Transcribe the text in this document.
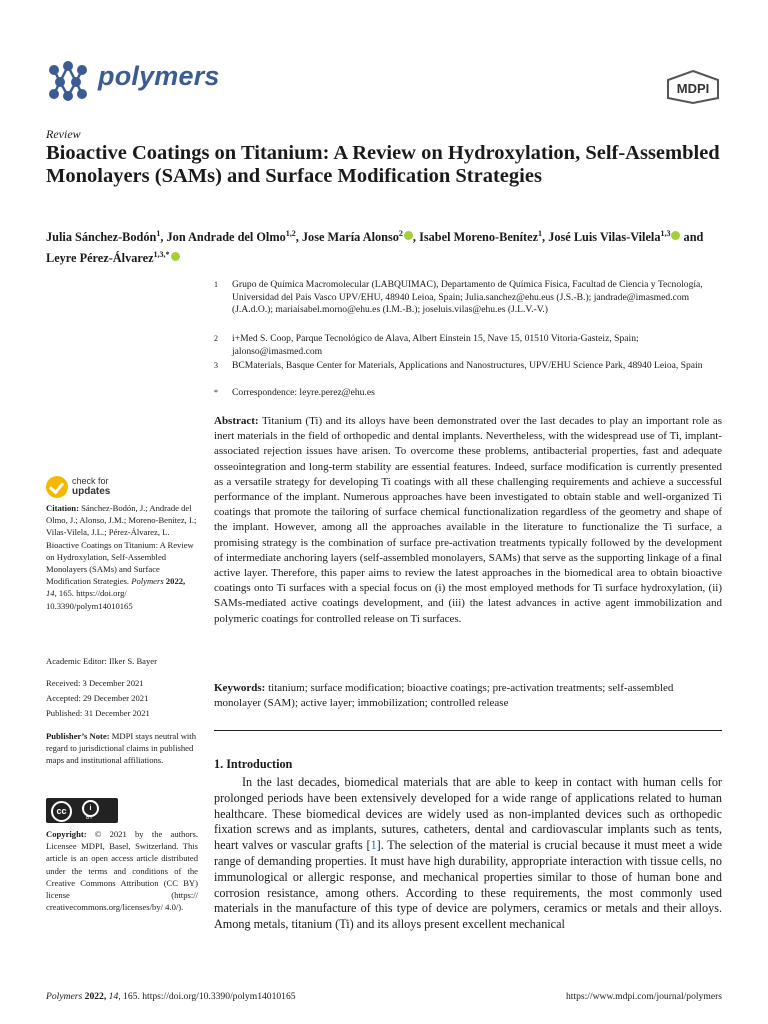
polymers	MDPI
Review
Bioactive Coatings on Titanium: A Review on Hydroxylation, Self-Assembled Monolayers (SAMs) and Surface Modification Strategies
Julia Sánchez-Bodón$^1$, Jon Andrade del Olmo$^{1,2}$, Jose María Alonso$^2$ , Isabel Moreno-Benítez$^1$, José Luis Vilas-Vilela$^{1,3}$ and Leyre Pérez-Álvarez$^{1,3,*}$
1 Grupo de Química Macromolecular (LABQUIMAC), Departamento de Química Física, Facultad de Ciencia y Tecnología, Universidad del País Vasco UPV/EHU, 48940 Leioa, Spain; Julia.sanchez@ehu.eus (J.S.-B.); jandrade@imasmed.com (J.A.d.O.); mariaisabel.morno@ehu.es (I.M.-B.); joseluis.vilas@ehu.es (J.L.V.-V.)
2 i+Med S. Coop, Parque Tecnológico de Alava, Albert Einstein 15, Nave 15, 01510 Vitoria-Gasteiz, Spain; jalonso@imasmed.com
3 BCMaterials, Basque Center for Materials, Applications and Nanostructures, UPV/EHU Science Park, 48940 Leioa, Spain
* Correspondence: leyre.perez@ehu.es
Abstract: Titanium (Ti) and its alloys have been demonstrated over the last decades to play an important role as inert materials in the field of orthopedic and dental implants. Nevertheless, with the widespread use of Ti, implant-associated rejection issues have arisen. To overcome these problems, antibacterial properties, fast and adequate osseointegration and long-term stability are essential features. Indeed, surface modification is currently presented as a versatile strategy for developing Ti coatings with all these challenging requirements and achieve a successful performance of the implant. Numerous approaches have been investigated to obtain stable and well-organized Ti coatings that promote the tailoring of surface chemical functionalization regardless of the geometry and shape of the implant. However, among all the approaches available in the literature to functionalize the Ti surface, a promising strategy is the combination of surface pre-activation treatments typically followed by the development of intermediate anchoring layers (self-assembled monolayers, SAMs) that serve as the supporting linkage of a final active layer. Therefore, this paper aims to review the latest approaches in the biomedical area to obtain bioactive coatings onto Ti surfaces with a special focus on (i) the most employed methods for Ti surface hydroxylation, (ii) SAMs-mediated active coatings development, and (iii) the latest advances in active agent immobilization and polymeric coatings for controlled release on Ti surfaces.
Keywords: titanium; surface modification; bioactive coatings; pre-activation treatments; self-assembled monolayer (SAM); active layer; immobilization; controlled release
1. Introduction
In the last decades, biomedical materials that are able to keep in contact with human cells for prolonged periods have been extensively developed for a wide range of applications related to human healthcare. These biomedical devices are widely used as non-implanted devices such as orthopedic fixation screws and as implants, sutures, catheters, dental and cardiovascular implants such as tents, heart valves or vascular grafts [1]. The selection of the material is crucial because it must meet a wide range of demanding properties. It must have high durability, appropriate interaction with tissue cells, no immunological or allergic response, and mechanical properties similar to those of human bone and corrosion resistance, among others. According to these requirements, the most commonly used materials in the manufacture of this type of device are polymers, ceramics or metals and their alloys. Among metals, titanium (Ti) and its alloys present excellent mechanical
check for
updates
Citation: Sánchez-Bodón, J.; Andrade del Olmo, J.; Alonso, J.M.; Moreno-Benítez, I.; Vilas-Vilela, J.L.; Pérez-Álvarez, L. Bioactive Coatings on Titanium: A Review on Hydroxylation, Self-Assembled Monolayers (SAMs) and Surface Modification Strategies. Polymers 2022, 14, 165. https://doi.org/ 10.3390/polym14010165
Academic Editor: Ilker S. Bayer
Received: 3 December 2021
Accepted: 29 December 2021
Published: 31 December 2021
Publisher’s Note: MDPI stays neutral with regard to jurisdictional claims in published maps and institutional affiliations.
cc	i
BY
Copyright: © 2021 by the authors. Licensee MDPI, Basel, Switzerland. This article is an open access article distributed under the terms and conditions of the Creative Commons Attribution (CC BY) license (https:// creativecommons.org/licenses/by/ 4.0/).
Polymers 2022, 14, 165. https://doi.org/10.3390/polym14010165	https://www.mdpi.com/journal/polymers
